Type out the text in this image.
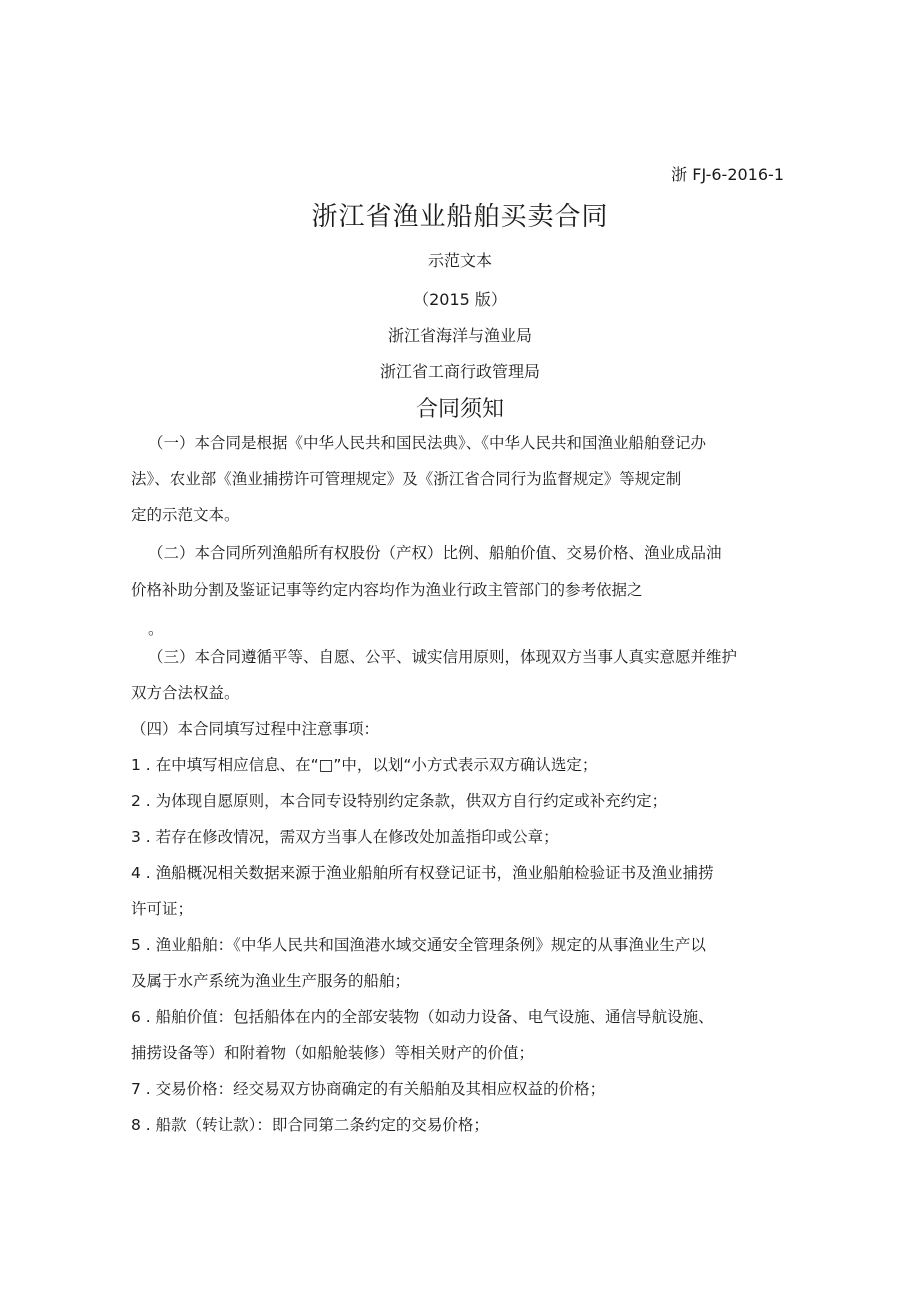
浙 FJ-6-2016-1
浙江省渔业船舶买卖合同
示范文本
（2015 版）
浙江省海洋与渔业局
浙江省工商行政管理局
合同须知
（一）本合同是根据《中华人民共和国民法典》、《中华人民共和国渔业船舶登记办
法》、农业部《渔业捕捞许可管理规定》及《浙江省合同行为监督规定》等规定制
定的示范文本。
（二）本合同所列渔船所有权股份（产权）比例、船舶价值、交易价格、渔业成品油
价格补助分割及鉴证记事等约定内容均作为渔业行政主管部门的参考依据之
。
（三）本合同遵循平等、自愿、公平、诚实信用原则，体现双方当事人真实意愿并维护
双方合法权益。
（四）本合同填写过程中注意事项：
1 . 在中填写相应信息、在“□”中，以划“小方式表示双方确认选定；
2 . 为体现自愿原则，本合同专设特别约定条款，供双方自行约定或补充约定；
3 . 若存在修改情况，需双方当事人在修改处加盖指印或公章；
4 . 渔船概况相关数据来源于渔业船舶所有权登记证书，渔业船舶检验证书及渔业捕捞
许可证；
5 . 渔业船舶：《中华人民共和国渔港水域交通安全管理条例》规定的从事渔业生产以
及属于水产系统为渔业生产服务的船舶；
6 . 船舶价值：包括船体在内的全部安装物（如动力设备、电气设施、通信导航设施、
捕捞设备等）和附着物（如船舱装修）等相关财产的价值；
7 . 交易价格：经交易双方协商确定的有关船舶及其相应权益的价格；
8 . 船款（转让款）：即合同第二条约定的交易价格；
